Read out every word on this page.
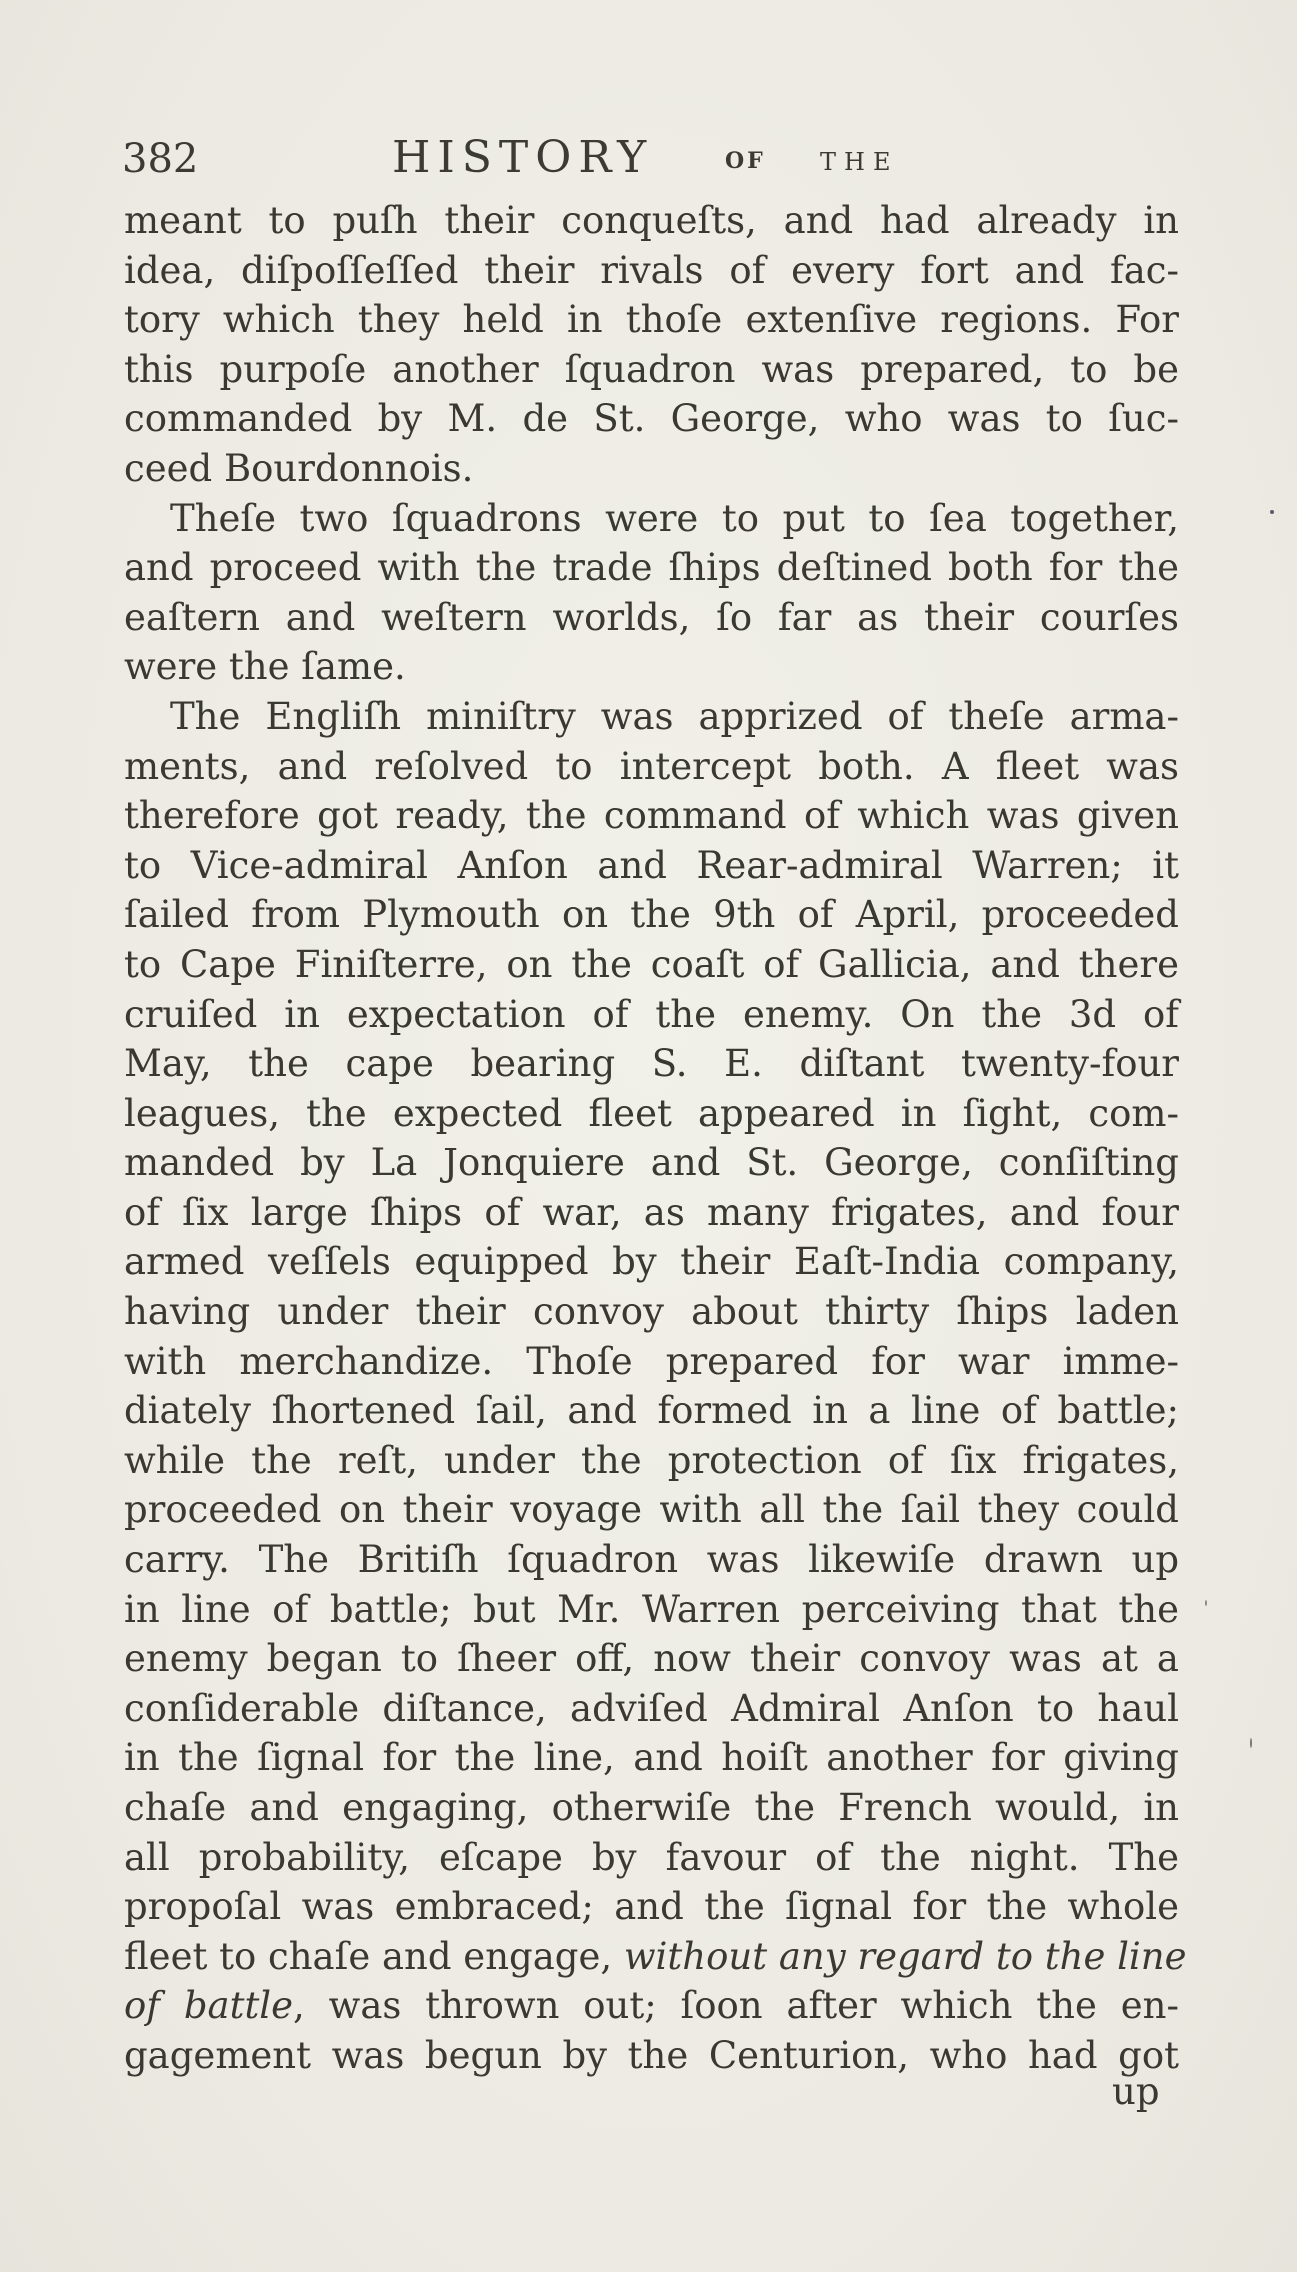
382	HISTORY	OF THE
meant to puſh their conqueſts, and had already in
idea, diſpoſſeſſed their rivals of every fort and fac-
tory which they held in thoſe extenſive regions. For
this purpoſe another ſquadron was prepared, to be
commanded by M. de St. George, who was to ſuc-
ceed Bourdonnois.
Theſe two ſquadrons were to put to ſea together,
and proceed with the trade ſhips deſtined both for the
eaſtern and weſtern worlds, ſo far as their courſes
were the ſame.
The Engliſh miniſtry was apprized of theſe arma-
ments, and reſolved to intercept both. A fleet was
therefore got ready, the command of which was given
to Vice-admiral Anſon and Rear-admiral Warren; it
ſailed from Plymouth on the 9th of April, proceeded
to Cape Finiſterre, on the coaſt of Gallicia, and there
cruiſed in expectation of the enemy. On the 3d of
May, the cape bearing S. E. diſtant twenty-four
leagues, the expected fleet appeared in ſight, com-
manded by La Jonquiere and St. George, conſiſting
of ſix large ſhips of war, as many frigates, and four
armed veſſels equipped by their Eaſt-India company,
having under their convoy about thirty ſhips laden
with merchandize. Thoſe prepared for war imme-
diately ſhortened ſail, and formed in a line of battle;
while the reſt, under the protection of ſix frigates,
proceeded on their voyage with all the ſail they could
carry. The Britiſh ſquadron was likewiſe drawn up
in line of battle; but Mr. Warren perceiving that the
enemy began to ſheer off, now their convoy was at a
conſiderable diſtance, adviſed Admiral Anſon to haul
in the ſignal for the line, and hoiſt another for giving
chaſe and engaging, otherwiſe the French would, in
all probability, eſcape by favour of the night. The
propoſal was embraced; and the ſignal for the whole
fleet to chaſe and engage, without any regard to the line
of battle, was thrown out; ſoon after which the en-
gagement was begun by the Centurion, who had got
up
